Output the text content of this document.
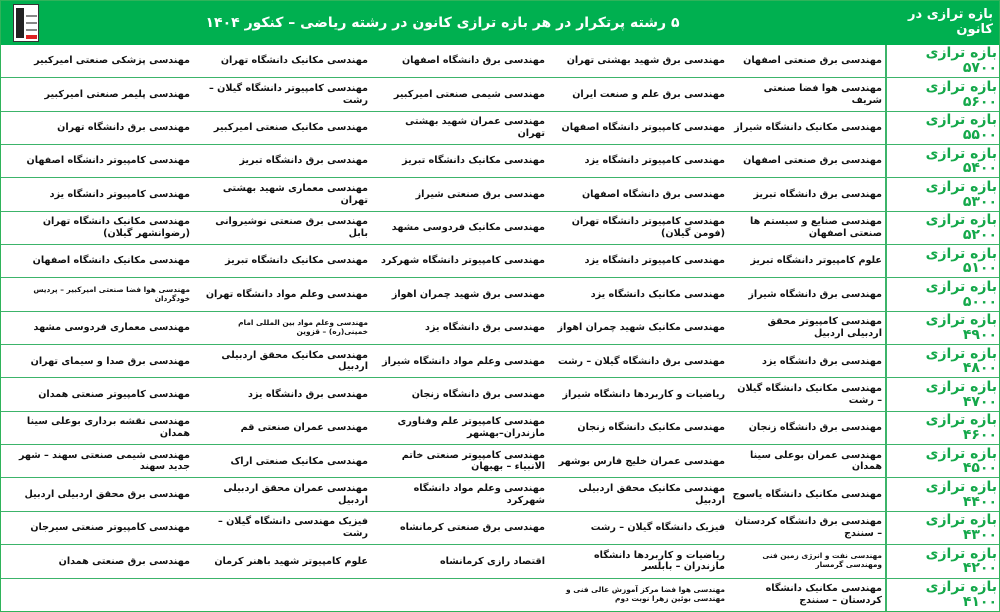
بازه ترازی در کانون
۵ رشته پرتکرار در هر بازه ترازی کانون در رشته ریاضی – کنکور ۱۴۰۴
بازه ترازی ۵۷۰۰
مهندسی برق صنعتی اصفهان
مهندسی برق شهید بهشتی تهران
مهندسی برق دانشگاه اصفهان
مهندسی مکانیک دانشگاه تهران
مهندسی پزشکی صنعتی امیرکبیر
بازه ترازی ۵۶۰۰
مهندسی هوا فضا صنعتی شریف
مهندسی برق علم و صنعت ایران
مهندسی شیمی صنعتی امیرکبیر
مهندسی کامپیوتر دانشگاه گیلان – رشت
مهندسی پلیمر صنعتی امیرکبیر
بازه ترازی ۵۵۰۰
مهندسی مکانیک دانشگاه شیراز
مهندسی کامپیوتر دانشگاه اصفهان
مهندسی عمران شهید بهشتی تهران
مهندسی مکانیک صنعتی امیرکبیر
مهندسی برق دانشگاه تهران
بازه ترازی ۵۴۰۰
مهندسی برق صنعتی اصفهان
مهندسی کامپیوتر دانشگاه یزد
مهندسی مکانیک دانشگاه تبریز
مهندسی برق دانشگاه تبریز
مهندسی کامپیوتر دانشگاه اصفهان
بازه ترازی ۵۳۰۰
مهندسی برق دانشگاه تبریز
مهندسی برق دانشگاه اصفهان
مهندسی برق صنعتی شیراز
مهندسی معماری شهید بهشتی تهران
مهندسی کامپیوتر دانشگاه یزد
بازه ترازی ۵۲۰۰
مهندسی صنایع و سیستم ها صنعتی اصفهان
مهندسی کامپیوتر دانشگاه تهران (فومن گیلان)
مهندسی مکانیک فردوسی مشهد
مهندسی برق صنعتی نوشیروانی بابل
مهندسی مکانیک دانشگاه تهران (رضوانشهر گیلان)
بازه ترازی ۵۱۰۰
علوم کامپیوتر دانشگاه تبریز
مهندسی کامپیوتر دانشگاه یزد
مهندسی کامپیوتر دانشگاه شهرکرد
مهندسی مکانیک دانشگاه تبریز
مهندسی مکانیک دانشگاه اصفهان
بازه ترازی ۵۰۰۰
مهندسی برق دانشگاه شیراز
مهندسی مکانیک دانشگاه یزد
مهندسی برق شهید چمران اهواز
مهندسی وعلم مواد دانشگاه تهران
مهندسی هوا فضا صنعتی امیرکبیر – پردیس خودگردان
بازه ترازی ۴۹۰۰
مهندسی کامپیوتر محقق اردبیلی اردبیل
مهندسی مکانیک شهید چمران اهواز
مهندسی برق دانشگاه یزد
مهندسی وعلم مواد بین المللی امام خمینی(ره) – قزوین
مهندسی معماری فردوسی مشهد
بازه ترازی ۴۸۰۰
مهندسی برق دانشگاه یزد
مهندسی برق دانشگاه گیلان – رشت
مهندسی وعلم مواد دانشگاه شیراز
مهندسی مکانیک محقق اردبیلی اردبیل
مهندسی برق صدا و سیمای تهران
بازه ترازی ۴۷۰۰
مهندسی مکانیک دانشگاه گیلان – رشت
ریاضیات و کاربردها دانشگاه شیراز
مهندسی برق دانشگاه زنجان
مهندسی برق دانشگاه یزد
مهندسی کامپیوتر صنعتی همدان
بازه ترازی ۴۶۰۰
مهندسی برق دانشگاه زنجان
مهندسی مکانیک دانشگاه زنجان
مهندسی کامپیوتر علم وفناوری مازندران–بهشهر
مهندسی عمران صنعتی قم
مهندسی نقشه برداری بوعلی سینا همدان
بازه ترازی ۴۵۰۰
مهندسی عمران بوعلی سینا همدان
مهندسی عمران خلیج فارس بوشهر
مهندسی کامپیوتر صنعتی خاتم الانبیاء – بهبهان
مهندسی مکانیک صنعتی اراک
مهندسی شیمی صنعتی سهند – شهر جدید سهند
بازه ترازی ۴۴۰۰
مهندسی مکانیک دانشگاه یاسوج
مهندسی مکانیک محقق اردبیلی اردبیل
مهندسی وعلم مواد دانشگاه شهرکرد
مهندسی عمران محقق اردبیلی اردبیل
مهندسی برق محقق اردبیلی اردبیل
بازه ترازی ۴۳۰۰
مهندسی برق دانشگاه کردستان – سنندج
فیزیک دانشگاه گیلان – رشت
مهندسی برق صنعتی کرمانشاه
فیزیک مهندسی دانشگاه گیلان – رشت
مهندسی کامپیوتر صنعتی سیرجان
بازه ترازی ۴۲۰۰
مهندسی نفت و انرژی زمین فنی ومهندسی گرمسار
ریاضیات و کاربردها دانشگاه مازندران – بابلسر
اقتصاد رازی کرمانشاه
علوم کامپیوتر شهید باهنر کرمان
مهندسی برق صنعتی همدان
بازه ترازی ۴۱۰۰
مهندسی مکانیک دانشگاه کردستان – سنندج
مهندسی هوا فضا مرکز آموزش عالی فنی و مهندسی بوئین زهرا نوبت دوم
